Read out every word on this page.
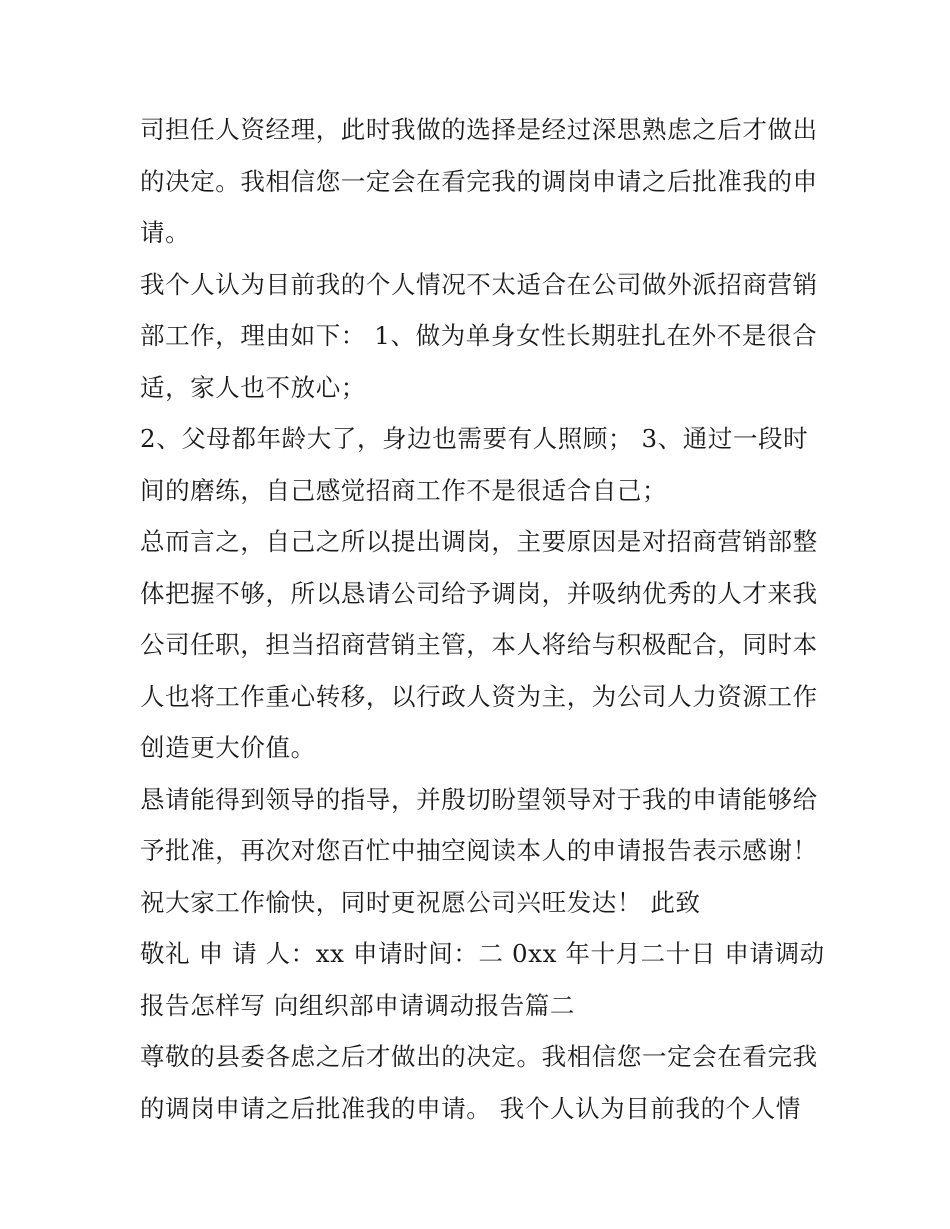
司担任人资经理，此时我做的选择是经过深思熟虑之后才做出
的决定。我相信您一定会在看完我的调岗申请之后批准我的申
请。
我个人认为目前我的个人情况不太适合在公司做外派招商营销
部工作，理由如下： 1、做为单身女性长期驻扎在外不是很合
适，家人也不放心；
2、父母都年龄大了，身边也需要有人照顾； 3、通过一段时
间的磨练，自己感觉招商工作不是很适合自己；
总而言之，自己之所以提出调岗，主要原因是对招商营销部整
体把握不够，所以恳请公司给予调岗，并吸纳优秀的人才来我
公司任职，担当招商营销主管，本人将给与积极配合，同时本
人也将工作重心转移，以行政人资为主，为公司人力资源工作
创造更大价值。
恳请能得到领导的指导，并殷切盼望领导对于我的申请能够给
予批准，再次对您百忙中抽空阅读本人的申请报告表示感谢！
祝大家工作愉快，同时更祝愿公司兴旺发达！ 此致
敬礼 申 请 人：xx 申请时间：二 0xx 年十月二十日 申请调动
报告怎样写 向组织部申请调动报告篇二
尊敬的县委各虑之后才做出的决定。我相信您一定会在看完我
的调岗申请之后批准我的申请。 我个人认为目前我的个人情
